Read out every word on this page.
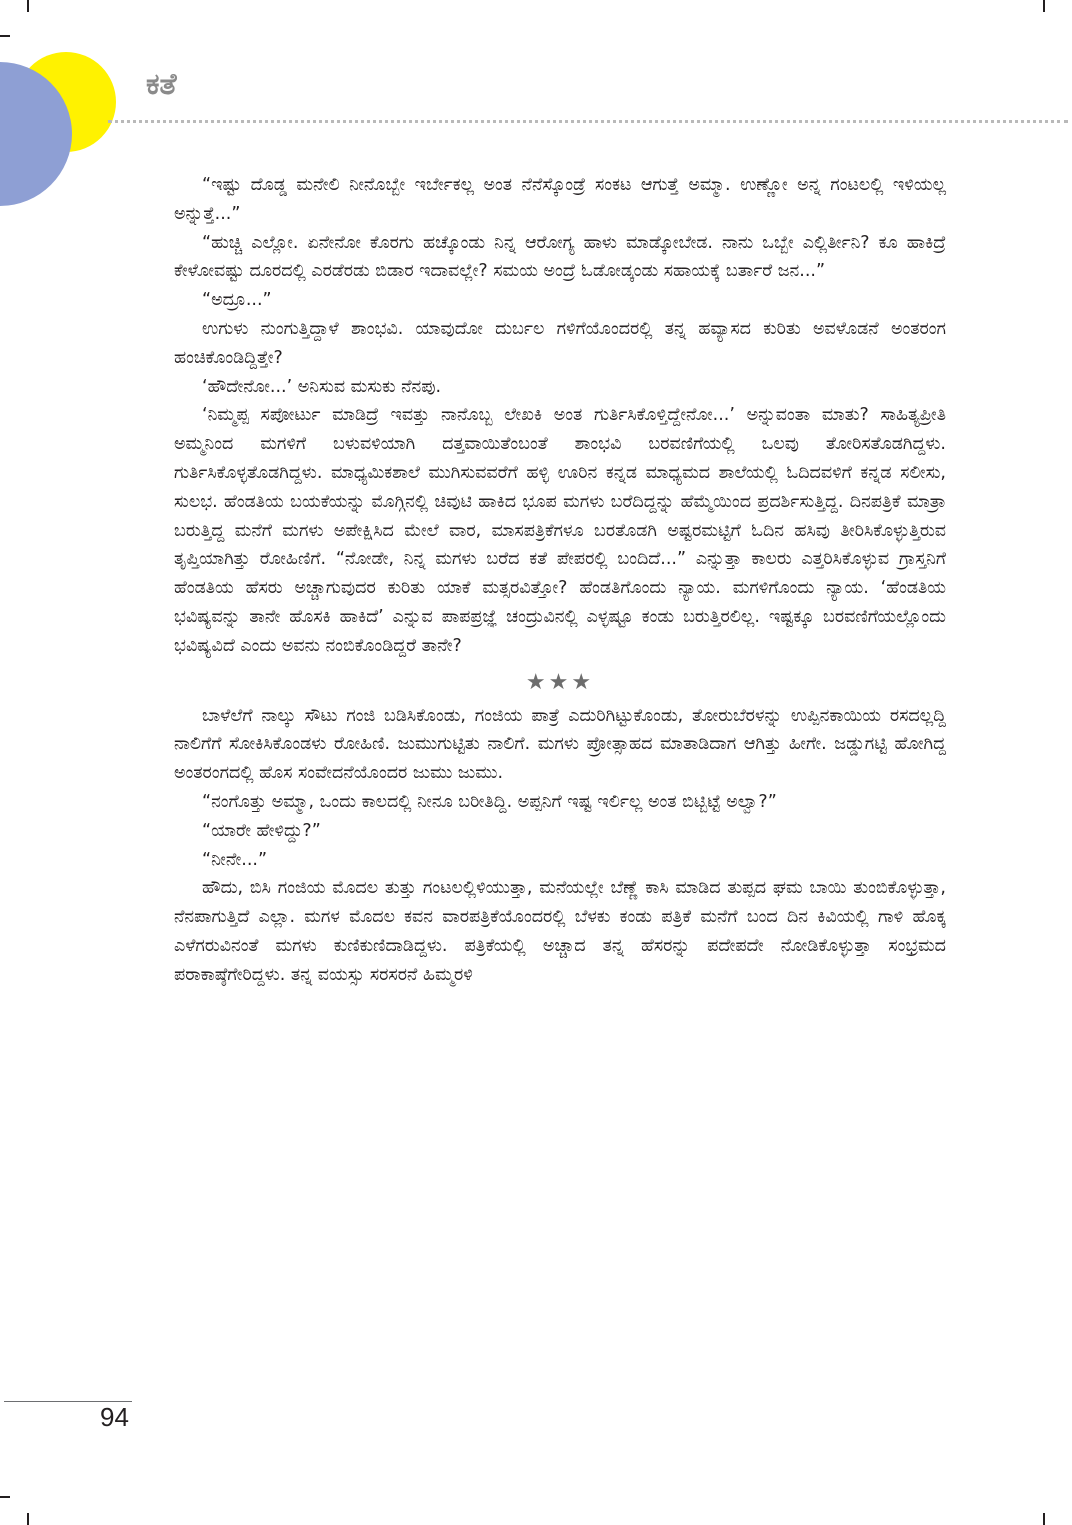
ಕತೆ

“ಇಷ್ಟು ದೊಡ್ಡ ಮನೇಲಿ ನೀನೊಬ್ಬೇ ಇರ್ಬೇಕಲ್ಲ ಅಂತ ನೆನೆಸ್ಕೊಂಡ್ರೆ ಸಂಕಟ ಆಗುತ್ತೆ ಅಮ್ಮಾ. ಉಣ್ಣೋ ಅನ್ನ ಗಂಟಲಲ್ಲಿ ಇಳಿಯಲ್ಲ ಅನ್ನುತ್ತೆ...”

“ಹುಚ್ಚಿ ಎಲ್ಲೋ. ಏನೇನೋ ಕೊರಗು ಹಚ್ಕೊಂಡು ನಿನ್ನ ಆರೋಗ್ಯ ಹಾಳು ಮಾಡ್ಕೋಬೇಡ. ನಾನು ಒಬ್ಬೇ ಎಲ್ಲಿರ್ತೀನಿ? ಕೂ ಹಾಕಿದ್ರೆ ಕೇಳೋವಷ್ಟು ದೂರದಲ್ಲಿ ಎರಡೆರಡು ಬಿಡಾರ ಇದಾವಲ್ಲೇ? ಸಮಯ ಅಂದ್ರೆ ಓಡೋಡ್ಕಂಡು ಸಹಾಯಕ್ಕೆ ಬರ್ತಾರೆ ಜನ...”

“ಅದ್ರೂ...”

ಉಗುಳು ನುಂಗುತ್ತಿದ್ದಾಳೆ ಶಾಂಭವಿ. ಯಾವುದೋ ದುರ್ಬಲ ಗಳಿಗೆಯೊಂದರಲ್ಲಿ ತನ್ನ ಹವ್ಯಾಸದ ಕುರಿತು ಅವಳೊಡನೆ ಅಂತರಂಗ ಹಂಚಿಕೊಂಡಿದ್ದಿತ್ತೇ?

‘ಹೌದೇನೋ...’ ಅನಿಸುವ ಮಸುಕು ನೆನಪು.

‘ನಿಮ್ಮಪ್ಪ ಸಪೋರ್ಟು ಮಾಡಿದ್ರೆ ಇವತ್ತು ನಾನೊಬ್ಬ ಲೇಖಕಿ ಅಂತ ಗುರ್ತಿಸಿಕೊಳ್ತಿದ್ದೇನೋ...’ ಅನ್ನುವಂತಾ ಮಾತು? ಸಾಹಿತ್ಯಪ್ರೀತಿ ಅಮ್ಮನಿಂದ ಮಗಳಿಗೆ ಬಳುವಳಿಯಾಗಿ ದತ್ತವಾಯಿತೆಂಬಂತೆ ಶಾಂಭವಿ ಬರವಣಿಗೆಯಲ್ಲಿ ಒಲವು ತೋರಿಸತೊಡಗಿದ್ದಳು. ಗುರ್ತಿಸಿಕೊಳ್ಳತೊಡಗಿದ್ದಳು. ಮಾಧ್ಯಮಿಕಶಾಲೆ ಮುಗಿಸುವವರೆಗೆ ಹಳ್ಳಿ ಊರಿನ ಕನ್ನಡ ಮಾಧ್ಯಮದ ಶಾಲೆಯಲ್ಲಿ ಓದಿದವಳಿಗೆ ಕನ್ನಡ ಸಲೀಸು, ಸುಲಭ. ಹೆಂಡತಿಯ ಬಯಕೆಯನ್ನು ಮೊಗ್ಗಿನಲ್ಲಿ ಚಿವುಟಿ ಹಾಕಿದ ಭೂಪ ಮಗಳು ಬರೆದಿದ್ದನ್ನು ಹೆಮ್ಮೆಯಿಂದ ಪ್ರದರ್ಶಿಸುತ್ತಿದ್ದ. ದಿನಪತ್ರಿಕೆ ಮಾತ್ರಾ ಬರುತ್ತಿದ್ದ ಮನೆಗೆ ಮಗಳು ಅಪೇಕ್ಷಿಸಿದ ಮೇಲೆ ವಾರ, ಮಾಸಪತ್ರಿಕೆಗಳೂ ಬರತೊಡಗಿ ಅಷ್ಟರಮಟ್ಟಿಗೆ ಓದಿನ ಹಸಿವು ತೀರಿಸಿಕೊಳ್ಳುತ್ತಿರುವ ತೃಪ್ತಿಯಾಗಿತ್ತು ರೋಹಿಣಿಗೆ. “ನೋಡೇ, ನಿನ್ನ ಮಗಳು ಬರೆದ ಕತೆ ಪೇಪರಲ್ಲಿ ಬಂದಿದೆ...” ಎನ್ನುತ್ತಾ ಕಾಲರು ಎತ್ತರಿಸಿಕೊಳ್ಳುವ ಗ್ರಾಸ್ತನಿಗೆ ಹೆಂಡತಿಯ ಹೆಸರು ಅಚ್ಚಾಗುವುದರ ಕುರಿತು ಯಾಕೆ ಮತ್ಸರವಿತ್ತೋ? ಹೆಂಡತಿಗೊಂದು ನ್ಯಾಯ. ಮಗಳಿಗೊಂದು ನ್ಯಾಯ. ‘ಹೆಂಡತಿಯ ಭವಿಷ್ಯವನ್ನು ತಾನೇ ಹೊಸಕಿ ಹಾಕಿದೆ’ ಎನ್ನುವ ಪಾಪಪ್ರಜ್ಞೆ ಚಂದ್ರುವಿನಲ್ಲಿ ಎಳ್ಳಷ್ಟೂ ಕಂಡು ಬರುತ್ತಿರಲಿಲ್ಲ. ಇಷ್ಟಕ್ಕೂ ಬರವಣಿಗೆಯಲ್ಲೊಂದು ಭವಿಷ್ಯವಿದೆ ಎಂದು ಅವನು ನಂಬಿಕೊಂಡಿದ್ದರೆ ತಾನೇ?

★★★

ಬಾಳೆಲೆಗೆ ನಾಲ್ಕು ಸೌಟು ಗಂಜಿ ಬಡಿಸಿಕೊಂಡು, ಗಂಜಿಯ ಪಾತ್ರೆ ಎದುರಿಗಿಟ್ಟುಕೊಂಡು, ತೋರುಬೆರಳನ್ನು ಉಪ್ಪಿನಕಾಯಿಯ ರಸದಲ್ಲದ್ದಿ ನಾಲಿಗೆಗೆ ಸೋಕಿಸಿಕೊಂಡಳು ರೋಹಿಣಿ. ಜುಮುಗುಟ್ಟಿತು ನಾಲಿಗೆ. ಮಗಳು ಪ್ರೋತ್ಸಾಹದ ಮಾತಾಡಿದಾಗ ಆಗಿತ್ತು ಹೀಗೇ. ಜಡ್ಡುಗಟ್ಟಿ ಹೋಗಿದ್ದ ಅಂತರಂಗದಲ್ಲಿ ಹೊಸ ಸಂವೇದನೆಯೊಂದರ ಜುಮು ಜುಮು.

“ನಂಗೊತ್ತು ಅಮ್ಮಾ, ಒಂದು ಕಾಲದಲ್ಲಿ ನೀನೂ ಬರೀತಿದ್ದಿ. ಅಪ್ಪನಿಗೆ ಇಷ್ಟ ಇರ್ಲಿಲ್ಲ ಅಂತ ಬಿಟ್ಬಿಟ್ಟೆ ಅಲ್ವಾ?”

“ಯಾರೇ ಹೇಳಿದ್ದು?”

“ನೀನೇ...”

ಹೌದು, ಬಿಸಿ ಗಂಜಿಯ ಮೊದಲ ತುತ್ತು ಗಂಟಲಲ್ಲಿಳಿಯುತ್ತಾ, ಮನೆಯಲ್ಲೇ ಬೆಣ್ಣೆ ಕಾಸಿ ಮಾಡಿದ ತುಪ್ಪದ ಘಮ ಬಾಯಿ ತುಂಬಿಕೊಳ್ಳುತ್ತಾ, ನೆನಪಾಗುತ್ತಿದೆ ಎಲ್ಲಾ. ಮಗಳ ಮೊದಲ ಕವನ ವಾರಪತ್ರಿಕೆಯೊಂದರಲ್ಲಿ ಬೆಳಕು ಕಂಡು ಪತ್ರಿಕೆ ಮನೆಗೆ ಬಂದ ದಿನ ಕಿವಿಯಲ್ಲಿ ಗಾಳಿ ಹೊಕ್ಕ ಎಳೆಗರುವಿನಂತೆ ಮಗಳು ಕುಣಿಕುಣಿದಾಡಿದ್ದಳು. ಪತ್ರಿಕೆಯಲ್ಲಿ ಅಚ್ಚಾದ ತನ್ನ ಹೆಸರನ್ನು ಪದೇಪದೇ ನೋಡಿಕೊಳ್ಳುತ್ತಾ ಸಂಭ್ರಮದ ಪರಾಕಾಷ್ಠೆಗೇರಿದ್ದಳು. ತನ್ನ ವಯಸ್ಸು ಸರಸರನೆ ಹಿಮ್ಮರಳಿ

94
